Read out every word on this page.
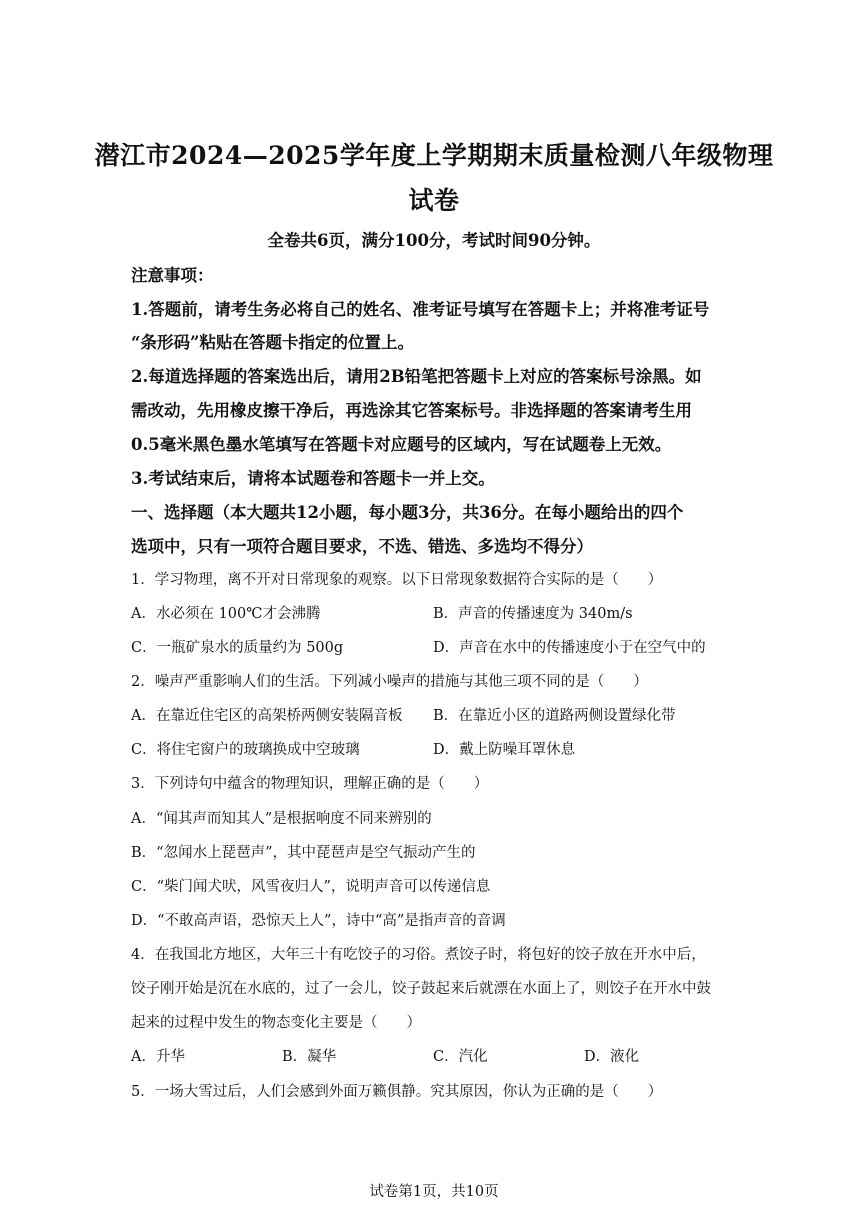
潜江市2024—2025学年度上学期期末质量检测八年级物理
试卷
全卷共6页，满分100分，考试时间90分钟。
注意事项：
1.答题前，请考生务必将自己的姓名、准考证号填写在答题卡上；并将准考证号
“条形码”粘贴在答题卡指定的位置上。
2.每道选择题的答案选出后，请用2B铅笔把答题卡上对应的答案标号涂黑。如
需改动，先用橡皮擦干净后，再选涂其它答案标号。非选择题的答案请考生用
0.5毫米黑色墨水笔填写在答题卡对应题号的区域内，写在试题卷上无效。
3.考试结束后，请将本试题卷和答题卡一并上交。
一、选择题（本大题共12小题，每小题3分，共36分。在每小题给出的四个
选项中，只有一项符合题目要求，不选、错选、多选均不得分）
1．学习物理，离不开对日常现象的观察。以下日常现象数据符合实际的是（　　）
A．水必须在 100℃才会沸腾	B．声音的传播速度为 340m/s
C．一瓶矿泉水的质量约为 500g	D．声音在水中的传播速度小于在空气中的
2．噪声严重影响人们的生活。下列减小噪声的措施与其他三项不同的是（　　）
A．在靠近住宅区的高架桥两侧安装隔音板 B．在靠近小区的道路两侧设置绿化带
C．将住宅窗户的玻璃换成中空玻璃	D．戴上防噪耳罩休息
3．下列诗句中蕴含的物理知识，理解正确的是（　　）
A．“闻其声而知其人”是根据响度不同来辨别的
B．“忽闻水上琵琶声”，其中琵琶声是空气振动产生的
C．“柴门闻犬吠，风雪夜归人”，说明声音可以传递信息
D．“不敢高声语，恐惊天上人”，诗中“高”是指声音的音调
4．在我国北方地区，大年三十有吃饺子的习俗。煮饺子时，将包好的饺子放在开水中后，
饺子刚开始是沉在水底的，过了一会儿，饺子鼓起来后就漂在水面上了，则饺子在开水中鼓
起来的过程中发生的物态变化主要是（　　）
A．升华	B．凝华	C．汽化	D．液化
5．一场大雪过后，人们会感到外面万籁俱静。究其原因，你认为正确的是（　　）
试卷第1页，共10页
